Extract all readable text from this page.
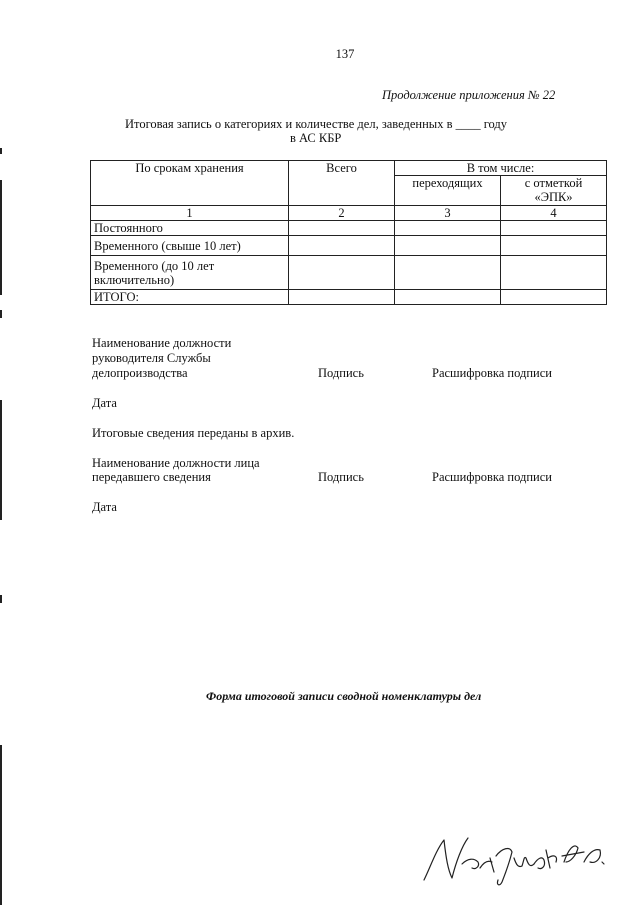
137
Продолжение приложения № 22
Итоговая запись о категориях и количестве дел, заведенных в ____ году
в АС КБР
По срокам хранения	Всего	В том числе:	
		переходящих	с отметкой
«ЭПК»
1	2	3	4
Постоянного			
Временного (свыше 10 лет)			
Временного (до 10 лет
включительно)			
ИТОГО:			
Наименование должности
руководителя Службы
делопроизводства	Подпись	Расшифровка подписи
Дата
Итоговые сведения переданы в архив.
Наименование должности лица
передавшего сведения	Подпись	Расшифровка подписи
Дата
Форма итоговой записи сводной номенклатуры дел
